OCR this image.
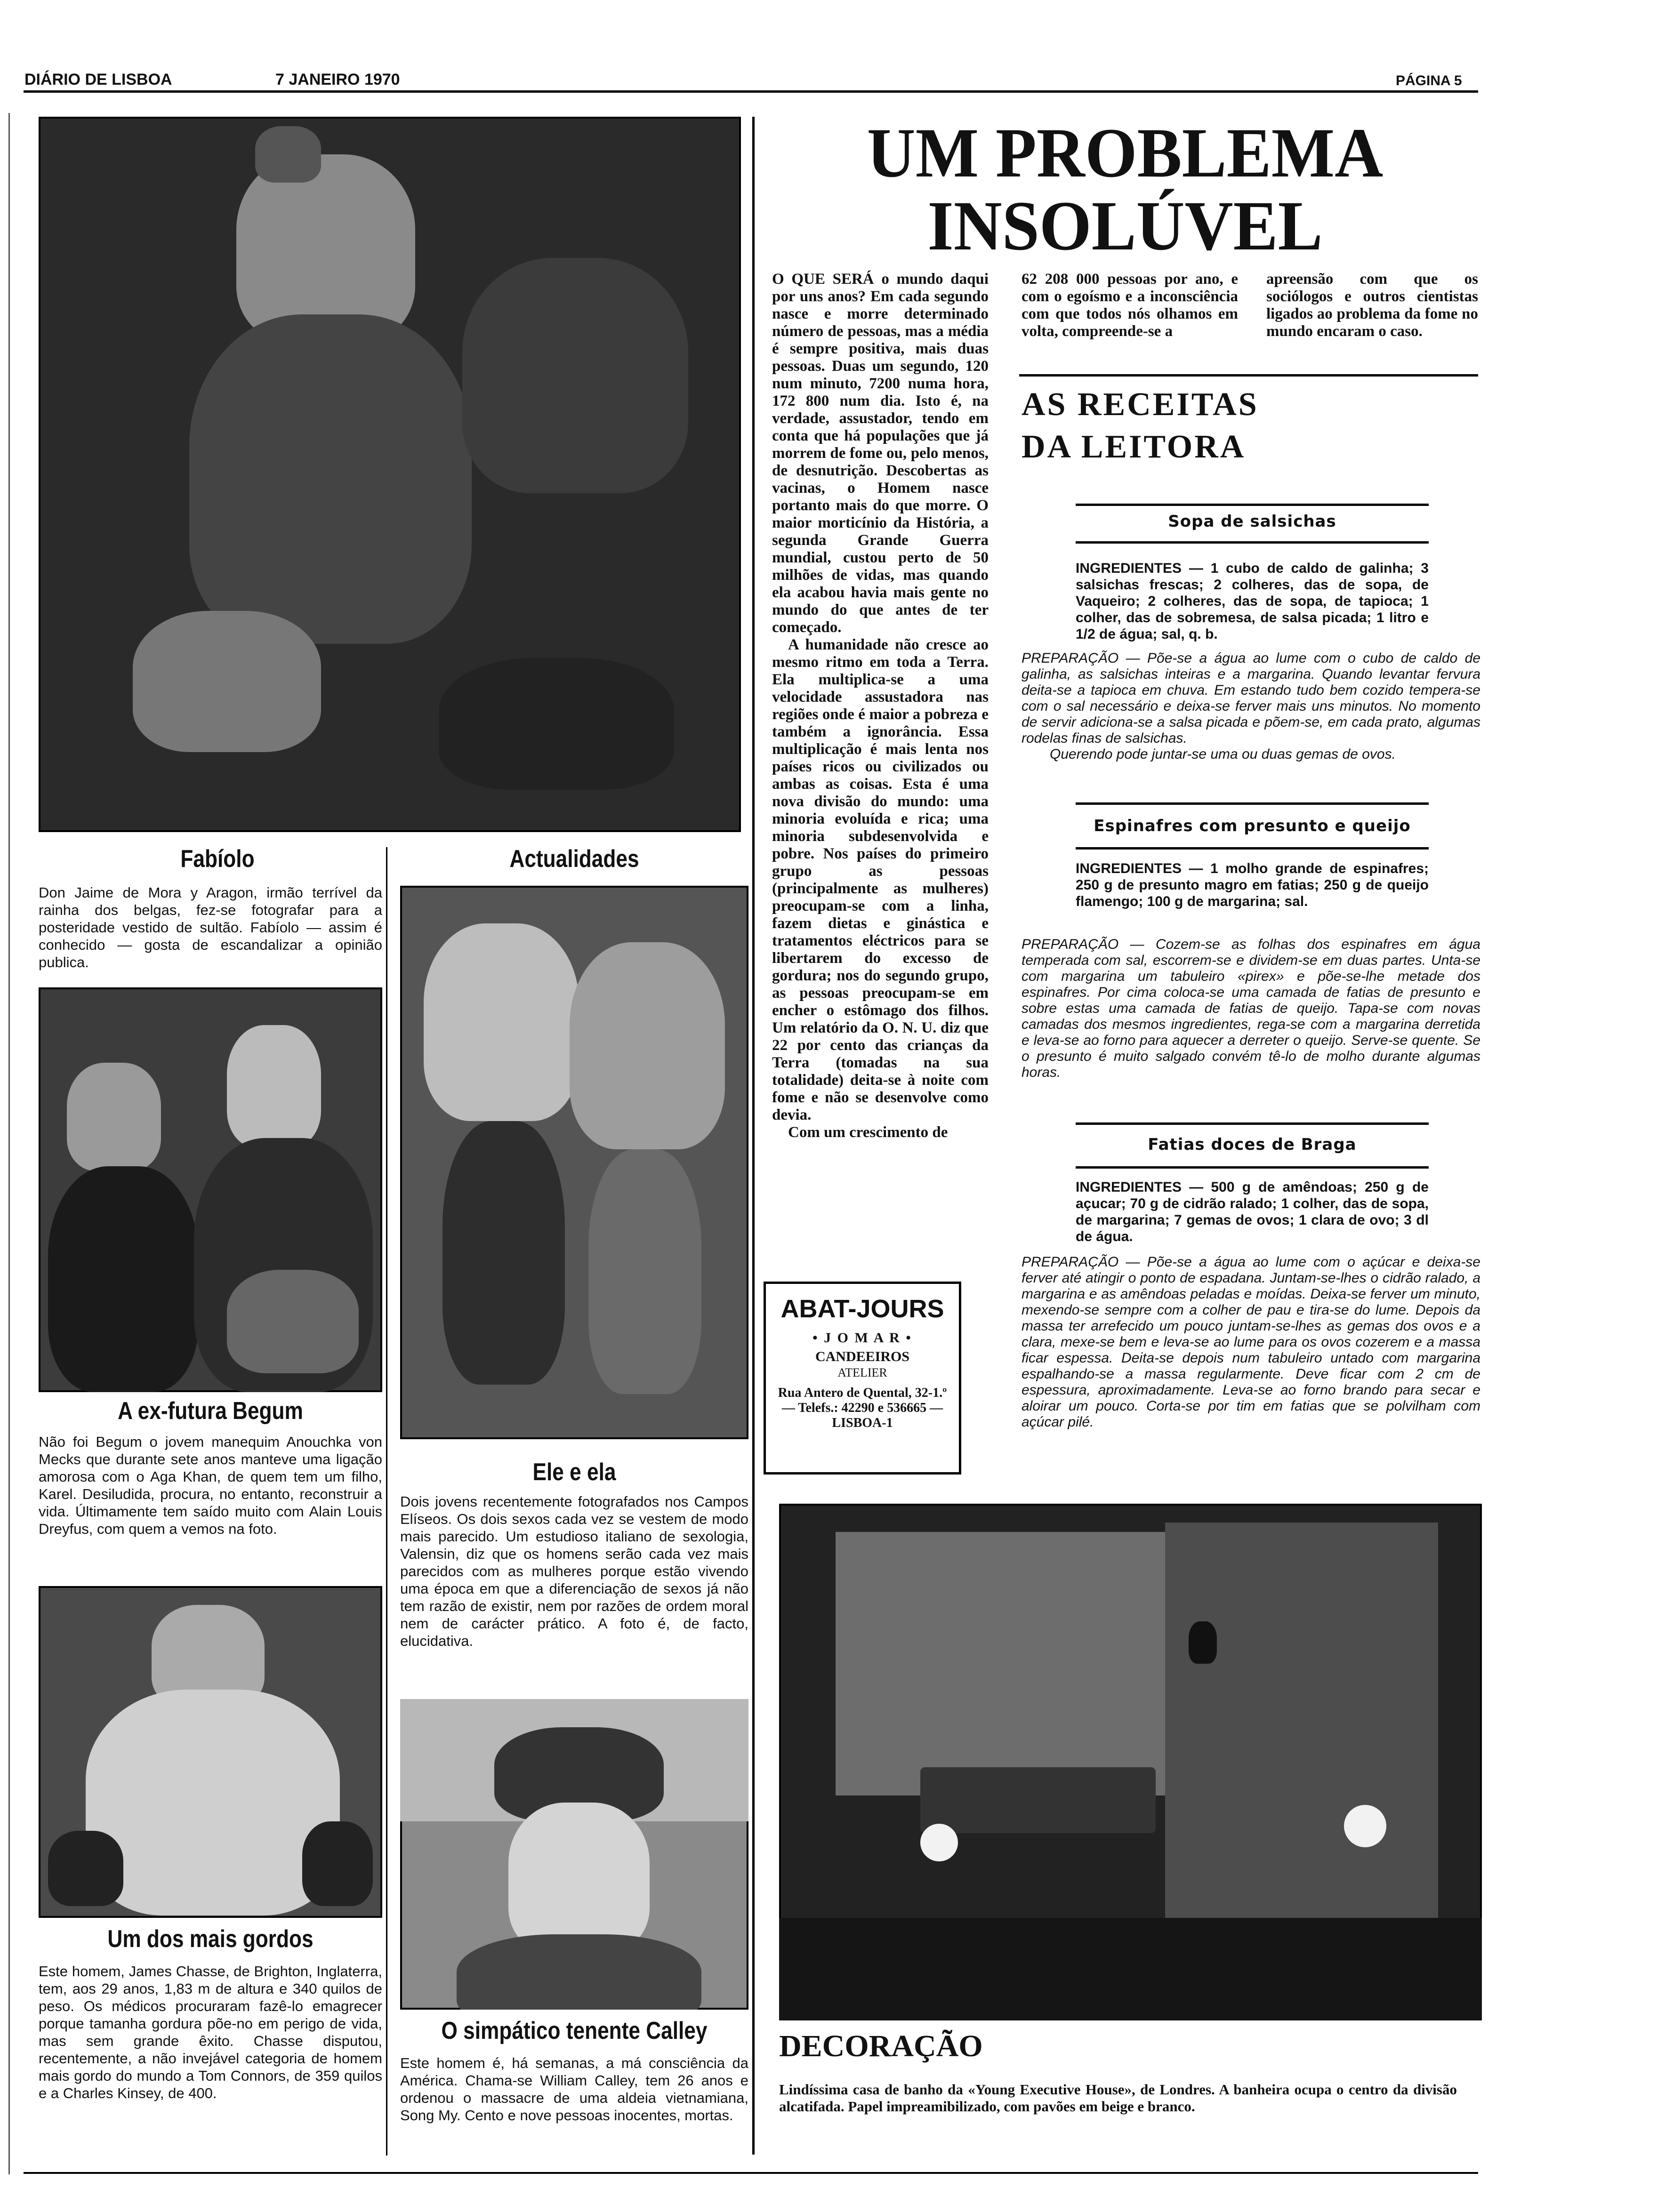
DIÁRIO DE LISBOA	7 JANEIRO 1970	PÁGINA 5
Fabíolo
Don Jaime de Mora y Aragon, irmão terrível da rainha dos belgas, fez-se fotografar para a posteridade vestido de sultão. Fabíolo — assim é conhecido — gosta de escandalizar a opinião publica.
A ex-futura Begum
Não foi Begum o jovem manequim Anouchka von Mecks que durante sete anos manteve uma ligação amorosa com o Aga Khan, de quem tem um filho, Karel. Desiludida, procura, no entanto, reconstruir a vida. Últimamente tem saído muito com Alain Louis Dreyfus, com quem a vemos na foto.
Um dos mais gordos
Este homem, James Chasse, de Brighton, Inglaterra, tem, aos 29 anos, 1,83 m de altura e 340 quilos de peso. Os médicos procuraram fazê-lo emagrecer porque tamanha gordura põe-no em perigo de vida, mas sem grande êxito. Chasse disputou, recentemente, a não invejável categoria de homem mais gordo do mundo a Tom Connors, de 359 quilos e a Charles Kinsey, de 400.
Actualidades
Ele e ela
Dois jovens recentemente fotografados nos Campos Elíseos. Os dois sexos cada vez se vestem de modo mais parecido. Um estudioso italiano de sexologia, Valensin, diz que os homens serão cada vez mais parecidos com as mulheres porque estão vivendo uma época em que a diferenciação de sexos já não tem razão de existir, nem por razões de ordem moral nem de carácter prático. A foto é, de facto, elucidativa.
O simpático tenente Calley
Este homem é, há semanas, a má consciência da América. Chama-se William Calley, tem 26 anos e ordenou o massacre de uma aldeia vietnamiana, Song My. Cento e nove pessoas inocentes, mortas.
UM PROBLEMA
INSOLÚVEL
O QUE SERÁ o mundo daqui por uns anos? Em cada segundo nasce e morre determinado número de pessoas, mas a média é sempre positiva, mais duas pessoas. Duas um segundo, 120 num minuto, 7200 numa hora, 172 800 num dia. Isto é, na verdade, assustador, tendo em conta que há populações que já morrem de fome ou, pelo menos, de desnutrição. Descobertas as vacinas, o Homem nasce portanto mais do que morre. O maior morticínio da História, a segunda Grande Guerra mundial, custou perto de 50 milhões de vidas, mas quando ela acabou havia mais gente no mundo do que antes de ter começado.
A humanidade não cresce ao mesmo ritmo em toda a Terra. Ela multiplica-se a uma velocidade assustadora nas regiões onde é maior a pobreza e também a ignorância. Essa multiplicação é mais lenta nos países ricos ou civilizados ou ambas as coisas. Esta é uma nova divisão do mundo: uma minoria evoluída e rica; uma minoria subdesenvolvida e pobre. Nos países do primeiro grupo as pessoas (principalmente as mulheres) preocupam-se com a linha, fazem dietas e ginástica e tratamentos eléctricos para se libertarem do excesso de gordura; nos do segundo grupo, as pessoas preocupam-se em encher o estômago dos filhos. Um relatório da O. N. U. diz que 22 por cento das crianças da Terra (tomadas na sua totalidade) deita-se à noite com fome e não se desenvolve como devia.
Com um crescimento de
62 208 000 pessoas por ano, e com o egoísmo e a inconsciência com que todos nós olhamos em volta, compreende-se a
apreensão com que os sociólogos e outros cientistas ligados ao problema da fome no mundo encaram o caso.
AS RECEITAS
DA LEITORA
Sopa de salsichas
INGREDIENTES — 1 cubo de caldo de galinha; 3 salsichas frescas; 2 colheres, das de sopa, de Vaqueiro; 2 colheres, das de sopa, de tapioca; 1 colher, das de sobremesa, de salsa picada; 1 litro e 1/2 de água; sal, q. b.
PREPARAÇÃO — Põe-se a água ao lume com o cubo de caldo de galinha, as salsichas inteiras e a margarina. Quando levantar fervura deita-se a tapioca em chuva. Em estando tudo bem cozido tempera-se com o sal necessário e deixa-se ferver mais uns minutos. No momento de servir adiciona-se a salsa picada e põem-se, em cada prato, algumas rodelas finas de salsichas.
Querendo pode juntar-se uma ou duas gemas de ovos.
Espinafres com presunto e queijo
INGREDIENTES — 1 molho grande de espinafres; 250 g de presunto magro em fatias; 250 g de queijo flamengo; 100 g de margarina; sal.
PREPARAÇÃO — Cozem-se as folhas dos espinafres em água temperada com sal, escorrem-se e dividem-se em duas partes. Unta-se com margarina um tabuleiro «pirex» e põe-se-lhe metade dos espinafres. Por cima coloca-se uma camada de fatias de presunto e sobre estas uma camada de fatias de queijo. Tapa-se com novas camadas dos mesmos ingredientes, rega-se com a margarina derretida e leva-se ao forno para aquecer a derreter o queijo. Serve-se quente. Se o presunto é muito salgado convém tê-lo de molho durante algumas horas.
Fatias doces de Braga
INGREDIENTES — 500 g de amêndoas; 250 g de açucar; 70 g de cidrão ralado; 1 colher, das de sopa, de margarina; 7 gemas de ovos; 1 clara de ovo; 3 dl de água.
PREPARAÇÃO — Põe-se a água ao lume com o açúcar e deixa-se ferver até atingir o ponto de espadana. Juntam-se-lhes o cidrão ralado, a margarina e as amêndoas peladas e moídas. Deixa-se ferver um minuto, mexendo-se sempre com a colher de pau e tira-se do lume. Depois da massa ter arrefecido um pouco juntam-se-lhes as gemas dos ovos e a clara, mexe-se bem e leva-se ao lume para os ovos cozerem e a massa ficar espessa. Deita-se depois num tabuleiro untado com margarina espalhando-se a massa regularmente. Deve ficar com 2 cm de espessura, aproximadamente. Leva-se ao forno brando para secar e aloirar um pouco. Corta-se por tim em fatias que se polvilham com açúcar pilé.
ABAT-JOURS
• J O M A R •
CANDEEIROS
ATELIER
Rua Antero de Quental, 32-1.º — Telefs.: 42290 e 536665 — LISBOA-1
DECORAÇÃO
Lindíssima casa de banho da «Young Executive House», de Londres. A banheira ocupa o centro da divisão alcatifada. Papel impreamibilizado, com pavões em beige e branco.
